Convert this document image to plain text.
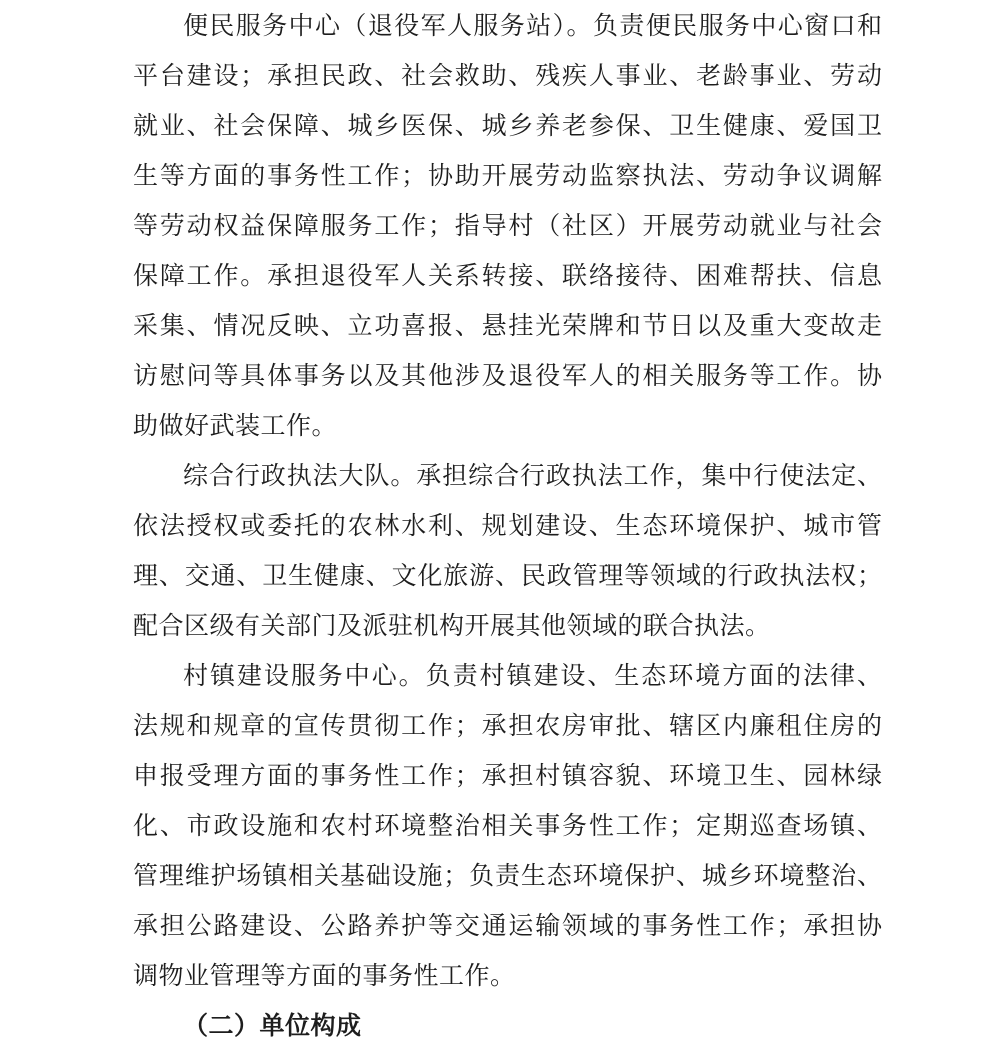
便民服务中心（退役军人服务站）。负责便民服务中心窗口和
平台建设；承担民政、社会救助、残疾人事业、老龄事业、劳动
就业、社会保障、城乡医保、城乡养老参保、卫生健康、爱国卫
生等方面的事务性工作；协助开展劳动监察执法、劳动争议调解
等劳动权益保障服务工作；指导村（社区）开展劳动就业与社会
保障工作。承担退役军人关系转接、联络接待、困难帮扶、信息
采集、情况反映、立功喜报、悬挂光荣牌和节日以及重大变故走
访慰问等具体事务以及其他涉及退役军人的相关服务等工作。协
助做好武装工作。
综合行政执法大队。承担综合行政执法工作，集中行使法定、
依法授权或委托的农林水利、规划建设、生态环境保护、城市管
理、交通、卫生健康、文化旅游、民政管理等领域的行政执法权；
配合区级有关部门及派驻机构开展其他领域的联合执法。
村镇建设服务中心。负责村镇建设、生态环境方面的法律、
法规和规章的宣传贯彻工作；承担农房审批、辖区内廉租住房的
申报受理方面的事务性工作；承担村镇容貌、环境卫生、园林绿
化、市政设施和农村环境整治相关事务性工作；定期巡查场镇、
管理维护场镇相关基础设施；负责生态环境保护、城乡环境整治、
承担公路建设、公路养护等交通运输领域的事务性工作；承担协
调物业管理等方面的事务性工作。
（二）单位构成
